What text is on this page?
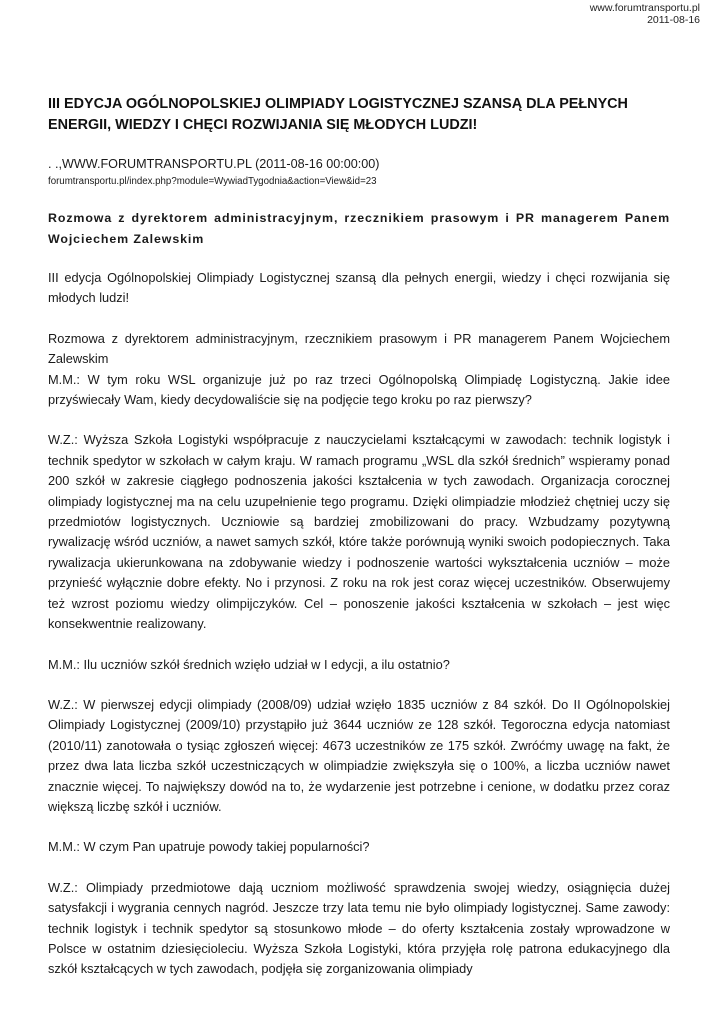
www.forumtransportu.pl
2011-08-16
III EDYCJA OGÓLNOPOLSKIEJ OLIMPIADY LOGISTYCZNEJ SZANSĄ DLA PEŁNYCH ENERGII, WIEDZY I CHĘCI ROZWIJANIA SIĘ MŁODYCH LUDZI!

. .,WWW.FORUMTRANSPORTU.PL (2011-08-16 00:00:00)

forumtransportu.pl/index.php?module=WywiadTygodnia&action=View&id=23

Rozmowa z dyrektorem administracyjnym, rzecznikiem prasowym i PR managerem Panem Wojciechem Zalewskim

III edycja Ogólnopolskiej Olimpiady Logistycznej szansą dla pełnych energii, wiedzy i chęci rozwijania się młodych ludzi!

Rozmowa z dyrektorem administracyjnym, rzecznikiem prasowym i PR managerem Panem Wojciechem Zalewskim

M.M.: W tym roku WSL organizuje już po raz trzeci Ogólnopolską Olimpiadę Logistyczną. Jakie idee przyświecały Wam, kiedy decydowaliście się na podjęcie tego kroku po raz pierwszy?

W.Z.: Wyższa Szkoła Logistyki współpracuje z nauczycielami kształcącymi w zawodach: technik logistyk i technik spedytor w szkołach w całym kraju. W ramach programu „WSL dla szkół średnich” wspieramy ponad 200 szkół w zakresie ciągłego podnoszenia jakości kształcenia w tych zawodach. Organizacja corocznej olimpiady logistycznej ma na celu uzupełnienie tego programu. Dzięki olimpiadzie młodzież chętniej uczy się przedmiotów logistycznych. Uczniowie są bardziej zmobilizowani do pracy. Wzbudzamy pozytywną rywalizację wśród uczniów, a nawet samych szkół, które także porównują wyniki swoich podopiecznych. Taka rywalizacja ukierunkowana na zdobywanie wiedzy i podnoszenie wartości wykształcenia uczniów – może przynieść wyłącznie dobre efekty. No i przynosi. Z roku na rok jest coraz więcej uczestników. Obserwujemy też wzrost poziomu wiedzy olimpijczyków. Cel – ponoszenie jakości kształcenia w szkołach – jest więc konsekwentnie realizowany.

M.M.: Ilu uczniów szkół średnich wzięło udział w I edycji, a ilu ostatnio?

W.Z.: W pierwszej edycji olimpiady (2008/09) udział wzięło 1835 uczniów z 84 szkół. Do II Ogólnopolskiej Olimpiady Logistycznej (2009/10) przystąpiło już 3644 uczniów ze 128 szkół. Tegoroczna edycja natomiast (2010/11) zanotowała o tysiąc zgłoszeń więcej: 4673 uczestników ze 175 szkół. Zwróćmy uwagę na fakt, że przez dwa lata liczba szkół uczestniczących w olimpiadzie zwiększyła się o 100%, a liczba uczniów nawet znacznie więcej. To największy dowód na to, że wydarzenie jest potrzebne i cenione, w dodatku przez coraz większą liczbę szkół i uczniów.

M.M.: W czym Pan upatruje powody takiej popularności?

W.Z.: Olimpiady przedmiotowe dają uczniom możliwość sprawdzenia swojej wiedzy, osiągnięcia dużej satysfakcji i wygrania cennych nagród. Jeszcze trzy lata temu nie było olimpiady logistycznej. Same zawody: technik logistyk i technik spedytor są stosunkowo młode – do oferty kształcenia zostały wprowadzone w Polsce w ostatnim dziesięcioleciu. Wyższa Szkoła Logistyki, która przyjęła rolę patrona edukacyjnego dla szkół kształcących w tych zawodach, podjęła się zorganizowania olimpiady
